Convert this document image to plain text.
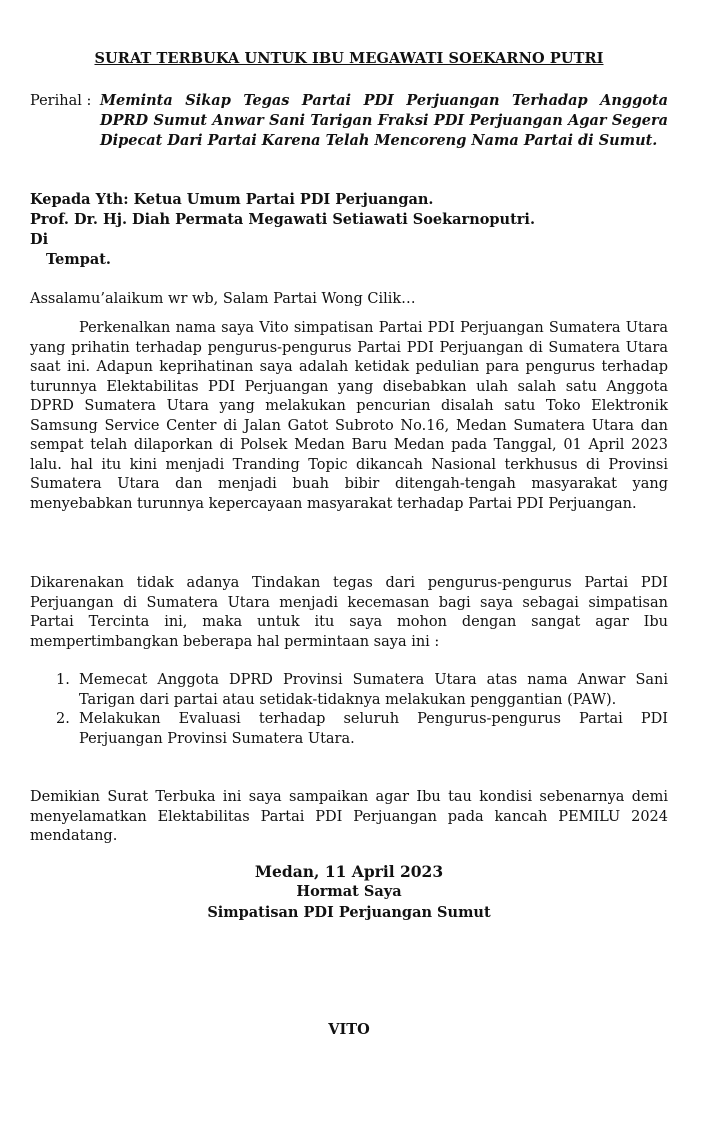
SURAT TERBUKA UNTUK IBU MEGAWATI SOEKARNO PUTRI
Perihal : Meminta Sikap Tegas Partai PDI Perjuangan Terhadap Anggota DPRD Sumut Anwar Sani Tarigan Fraksi PDI Perjuangan Agar Segera Dipecat Dari Partai Karena Telah Mencoreng Nama Partai di Sumut.
Kepada Yth: Ketua Umum Partai PDI Perjuangan.
Prof. Dr. Hj. Diah Permata Megawati Setiawati Soekarnoputri.
Di
Tempat.
Assalamu’alaikum wr wb, Salam Partai Wong Cilik…
Perkenalkan nama saya Vito simpatisan Partai PDI Perjuangan Sumatera Utara yang prihatin terhadap pengurus-pengurus Partai PDI Perjuangan di Sumatera Utara saat ini. Adapun keprihatinan saya adalah ketidak pedulian para pengurus terhadap turunnya Elektabilitas PDI Perjuangan yang disebabkan ulah salah satu Anggota DPRD Sumatera Utara yang melakukan pencurian disalah satu Toko Elektronik Samsung Service Center di Jalan Gatot Subroto No.16, Medan Sumatera Utara dan sempat telah dilaporkan di Polsek Medan Baru Medan pada Tanggal, 01 April 2023 lalu. hal itu kini menjadi Tranding Topic dikancah Nasional terkhusus di Provinsi Sumatera Utara dan menjadi buah bibir ditengah-tengah masyarakat yang menyebabkan turunnya kepercayaan masyarakat terhadap Partai PDI Perjuangan.
Dikarenakan tidak adanya Tindakan tegas dari pengurus-pengurus Partai PDI Perjuangan di Sumatera Utara menjadi kecemasan bagi saya sebagai simpatisan Partai Tercinta ini, maka untuk itu saya mohon dengan sangat agar Ibu mempertimbangkan beberapa hal permintaan saya ini :
1. Memecat Anggota DPRD Provinsi Sumatera Utara atas nama Anwar Sani Tarigan dari partai atau setidak-tidaknya melakukan penggantian (PAW).
2. Melakukan Evaluasi terhadap seluruh Pengurus-pengurus Partai PDI Perjuangan Provinsi Sumatera Utara.
Demikian Surat Terbuka ini saya sampaikan agar Ibu tau kondisi sebenarnya demi menyelamatkan Elektabilitas Partai PDI Perjuangan pada kancah PEMILU 2024 mendatang.
Medan, 11 April 2023
Hormat Saya
Simpatisan PDI Perjuangan Sumut
VITO
